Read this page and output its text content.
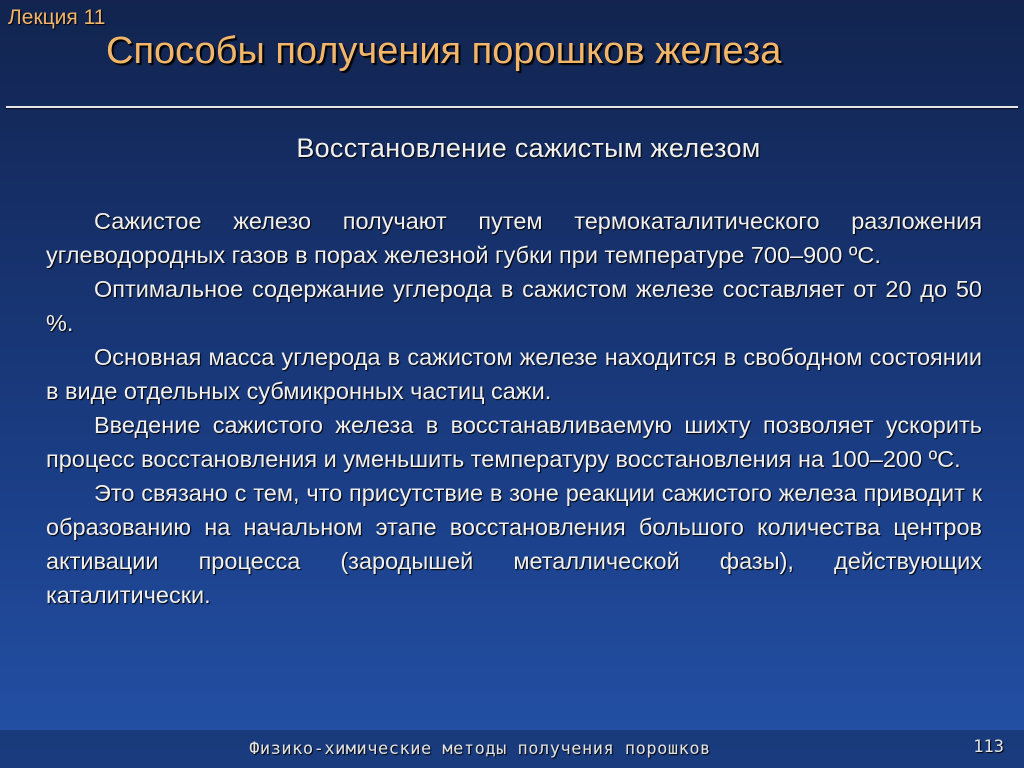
Лекция 11
Способы получения порошков железа
Восстановление сажистым железом

Сажистое железо получают путем термокаталитического разложения углеводородных газов в порах железной губки при температуре 700–900 ºС.

Оптимальное содержание углерода в сажистом железе составляет от 20 до 50 %.

Основная масса углерода в сажистом железе находится в свободном состоянии в виде отдельных субмикронных частиц сажи.

Введение сажистого железа в восстанавливаемую шихту позволяет ускорить процесс восстановления и уменьшить температуру восстановления на 100–200 ºС.

Это связано с тем, что присутствие в зоне реакции сажистого железа приводит к образованию на начальном этапе восстановления большого количества центров активации процесса (зародышей металлической фазы), действующих каталитически.

Физико-химические методы получения порошков	113
